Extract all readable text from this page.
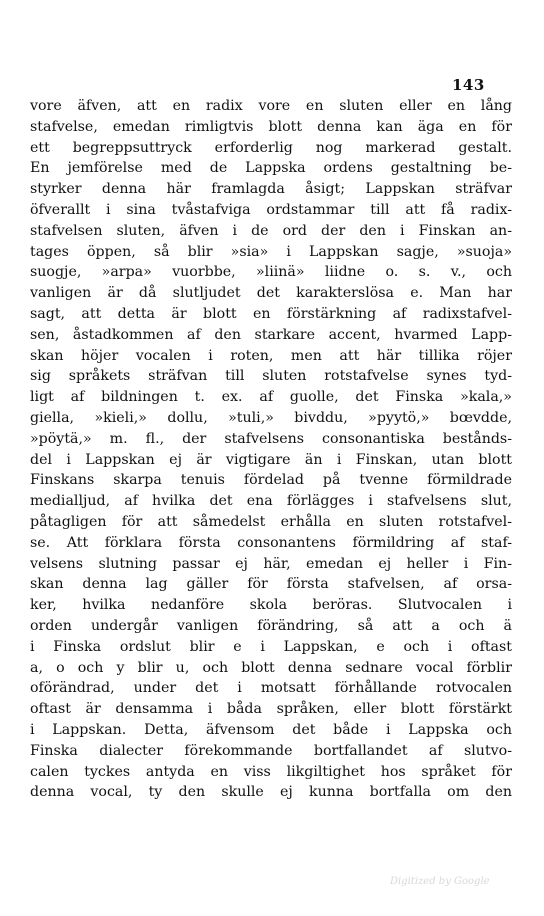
143
vore äfven, att en radix vore en sluten eller en lång
stafvelse, emedan rimligtvis blott denna kan äga en för
ett begreppsuttryck erforderlig nog markerad gestalt.
En jemförelse med de Lappska ordens gestaltning be-
styrker denna här framlagda åsigt; Lappskan sträfvar
öfverallt i sina tvåstafviga ordstammar till att få radix-
stafvelsen sluten, äfven i de ord der den i Finskan an-
tages öppen, så blir »sia» i Lappskan sagje, »suoja»
suogje, »arpa» vuorbbe, »liinä» liidne o. s. v., och
vanligen är då slutljudet det karakterslösa e. Man har
sagt, att detta är blott en förstärkning af radixstafvel-
sen, åstadkommen af den starkare accent, hvarmed Lapp-
skan höjer vocalen i roten, men att här tillika röjer
sig språkets sträfvan till sluten rotstafvelse synes tyd-
ligt af bildningen t. ex. af guolle, det Finska »kala,»
giella, »kieli,» dollu, »tuli,» bivddu, »pyytö,» bœvdde,
»pöytä,» m. fl., der stafvelsens consonantiska bestånds-
del i Lappskan ej är vigtigare än i Finskan, utan blott
Finskans skarpa tenuis fördelad på tvenne förmildrade
medialljud, af hvilka det ena förlägges i stafvelsens slut,
påtagligen för att såmedelst erhålla en sluten rotstafvel-
se. Att förklara första consonantens förmildring af staf-
velsens slutning passar ej här, emedan ej heller i Fin-
skan denna lag gäller för första stafvelsen, af orsa-
ker, hvilka nedanföre skola beröras. Slutvocalen i
orden undergår vanligen förändring, så att a och ä
i Finska ordslut blir e i Lappskan, e och i oftast
a, o och y blir u, och blott denna sednare vocal förblir
oförändrad, under det i motsatt förhållande rotvocalen
oftast är densamma i båda språken, eller blott förstärkt
i Lappskan. Detta, äfvensom det både i Lappska och
Finska dialecter förekommande bortfallandet af slutvo-
calen tyckes antyda en viss likgiltighet hos språket för
denna vocal, ty den skulle ej kunna bortfalla om den
Digitized by Google
